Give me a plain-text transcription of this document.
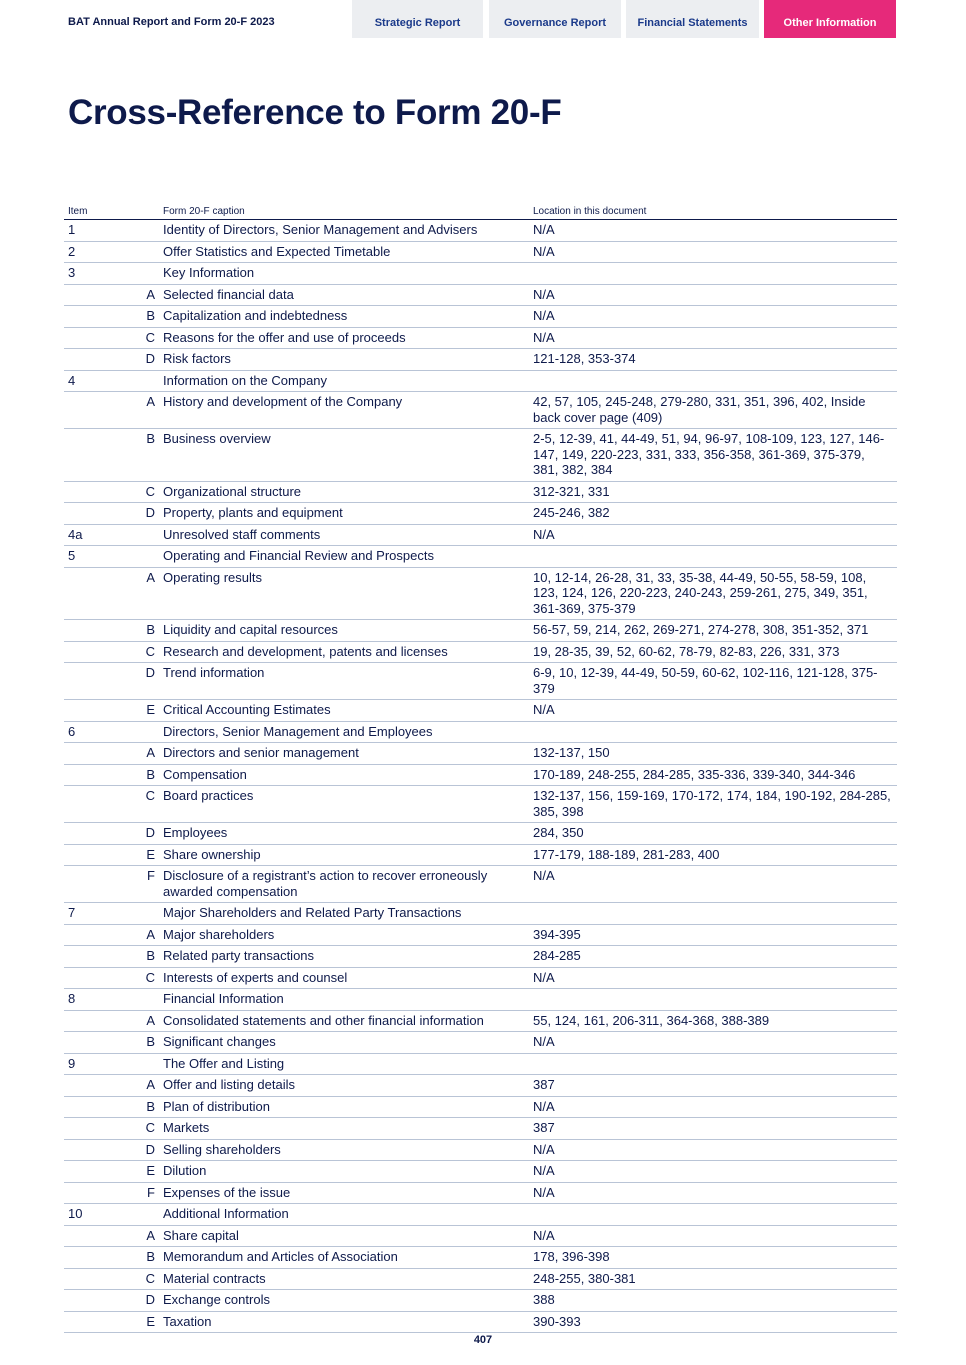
BAT Annual Report and Form 20-F 2023	Strategic Report	Governance Report	Financial Statements	Other Information
Cross-Reference to Form 20-F
Item		Form 20-F caption	Location in this document
1		Identity of Directors, Senior Management and Advisers	N/A
2		Offer Statistics and Expected Timetable	N/A
3		Key Information	
	A	Selected financial data	N/A
	B	Capitalization and indebtedness	N/A
	C	Reasons for the offer and use of proceeds	N/A
	D	Risk factors	121-128, 353-374
4		Information on the Company	
	A	History and development of the Company	42, 57, 105, 245-248, 279-280, 331, 351, 396, 402, Inside back cover page (409)
	B	Business overview	2-5, 12-39, 41, 44-49, 51, 94, 96-97, 108-109, 123, 127, 146-147, 149, 220-223, 331, 333, 356-358, 361-369, 375-379, 381, 382, 384
	C	Organizational structure	312-321, 331
	D	Property, plants and equipment	245-246, 382
4a		Unresolved staff comments	N/A
5		Operating and Financial Review and Prospects	
	A	Operating results	10, 12-14, 26-28, 31, 33, 35-38, 44-49, 50-55, 58-59, 108, 123, 124, 126, 220-223, 240-243, 259-261, 275, 349, 351, 361-369, 375-379
	B	Liquidity and capital resources	56-57, 59, 214, 262, 269-271, 274-278, 308, 351-352, 371
	C	Research and development, patents and licenses	19, 28-35, 39, 52, 60-62, 78-79, 82-83, 226, 331, 373
	D	Trend information	6-9, 10, 12-39, 44-49, 50-59, 60-62, 102-116, 121-128, 375-379
	E	Critical Accounting Estimates	N/A
6		Directors, Senior Management and Employees	
	A	Directors and senior management	132-137, 150
	B	Compensation	170-189, 248-255, 284-285, 335-336, 339-340, 344-346
	C	Board practices	132-137, 156, 159-169, 170-172, 174, 184, 190-192, 284-285, 385, 398
	D	Employees	284, 350
	E	Share ownership	177-179, 188-189, 281-283, 400
	F	Disclosure of a registrant’s action to recover erroneously awarded compensation	N/A
7		Major Shareholders and Related Party Transactions	
	A	Major shareholders	394-395
	B	Related party transactions	284-285
	C	Interests of experts and counsel	N/A
8		Financial Information	
	A	Consolidated statements and other financial information	55, 124, 161, 206-311, 364-368, 388-389
	B	Significant changes	N/A
9		The Offer and Listing	
	A	Offer and listing details	387
	B	Plan of distribution	N/A
	C	Markets	387
	D	Selling shareholders	N/A
	E	Dilution	N/A
	F	Expenses of the issue	N/A
10		Additional Information	
	A	Share capital	N/A
	B	Memorandum and Articles of Association	178, 396-398
	C	Material contracts	248-255, 380-381
	D	Exchange controls	388
	E	Taxation	390-393
407
